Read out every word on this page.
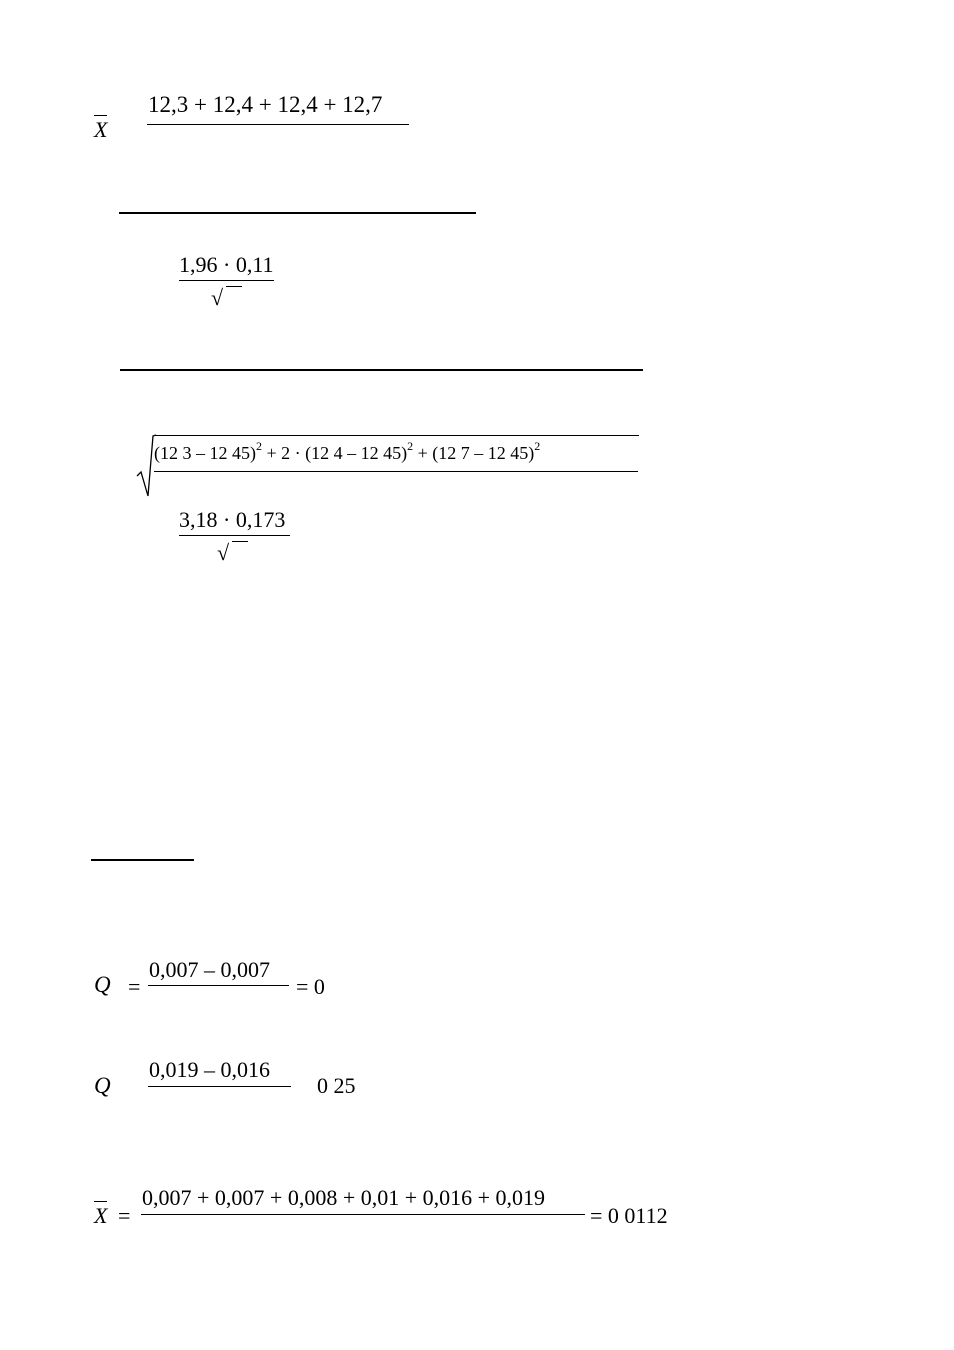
X
12,3 + 12,4 + 12,4 + 12,7
1,96 · 0,11
√
(12 3 – 12 45)$^2$ + 2 · (12 4 – 12 45)$^2$ + (12 7 – 12 45)$^2$
3,18 · 0,173
√
Q =
0,007 – 0,007
= 0
Q
0,019 – 0,016
0 25
X =
0,007 + 0,007 + 0,008 + 0,01 + 0,016 + 0,019
= 0 0112
